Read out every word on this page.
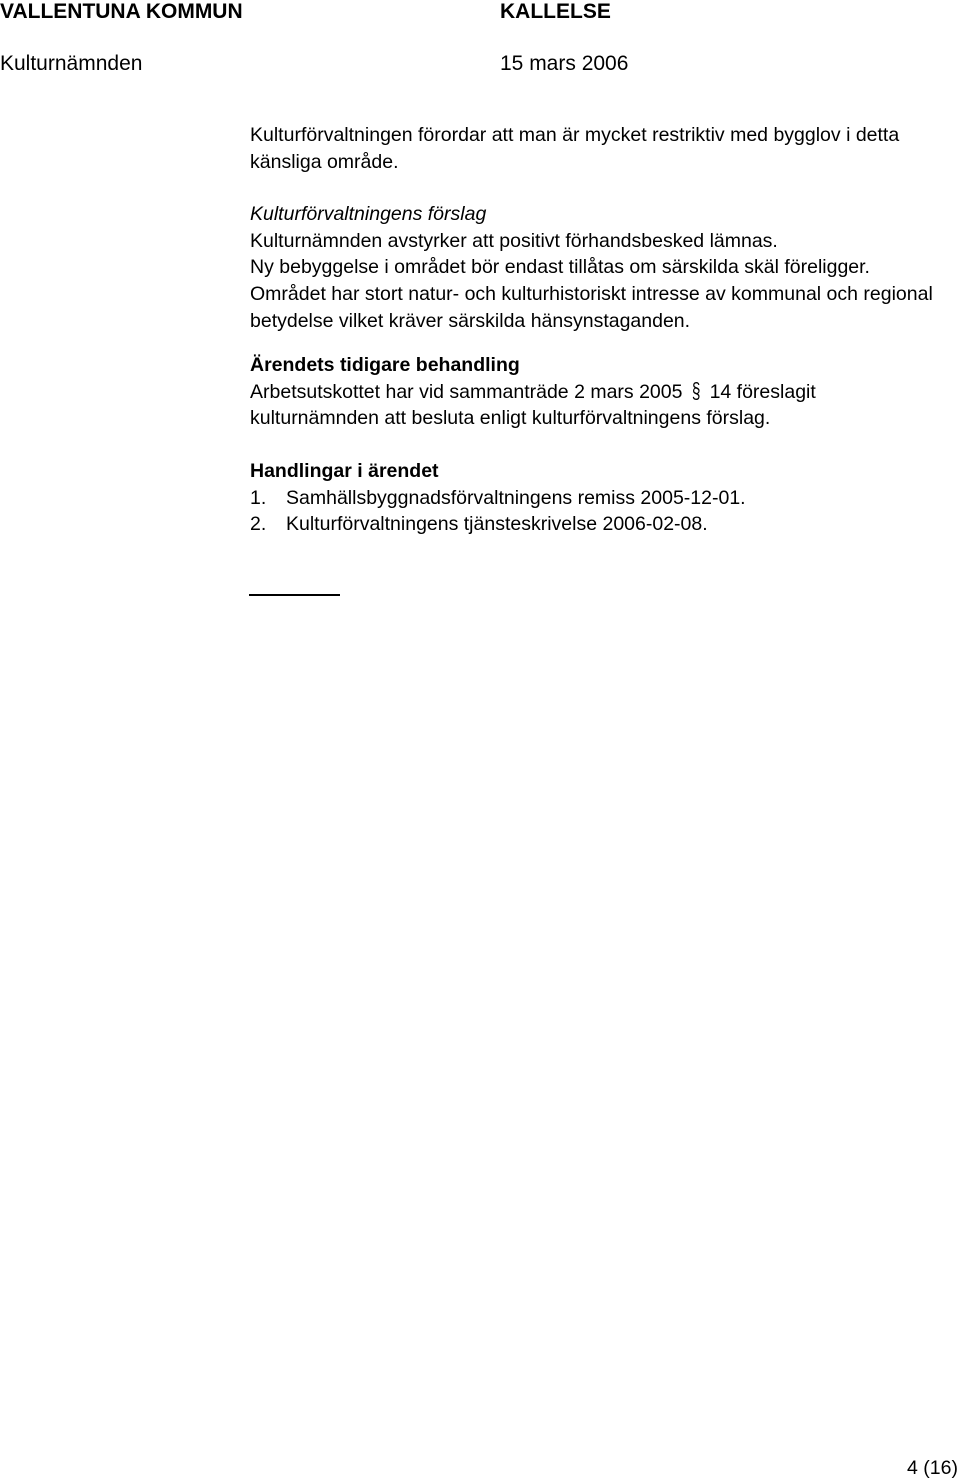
VALLENTUNA KOMMUN	KALLELSE
Kulturnämnden	15 mars 2006

Kulturförvaltningen förordar att man är mycket restriktiv med bygglov i detta känsliga område.

Kulturförvaltningens förslag

Kulturnämnden avstyrker att positivt förhandsbesked lämnas.

Ny bebyggelse i området bör endast tillåtas om särskilda skäl föreligger. Området har stort natur- och kulturhistoriskt intresse av kommunal och regional betydelse vilket kräver särskilda hänsynstaganden.

Ärendets tidigare behandling

Arbetsutskottet har vid sammanträde 2 mars 2005 § 14 föreslagit kulturnämnden att besluta enligt kulturförvaltningens förslag.

Handlingar i ärendet

1.	Samhällsbyggnadsförvaltningens remiss 2005-12-01.
2.	Kulturförvaltningens tjänsteskrivelse 2006-02-08.
4 (16)
